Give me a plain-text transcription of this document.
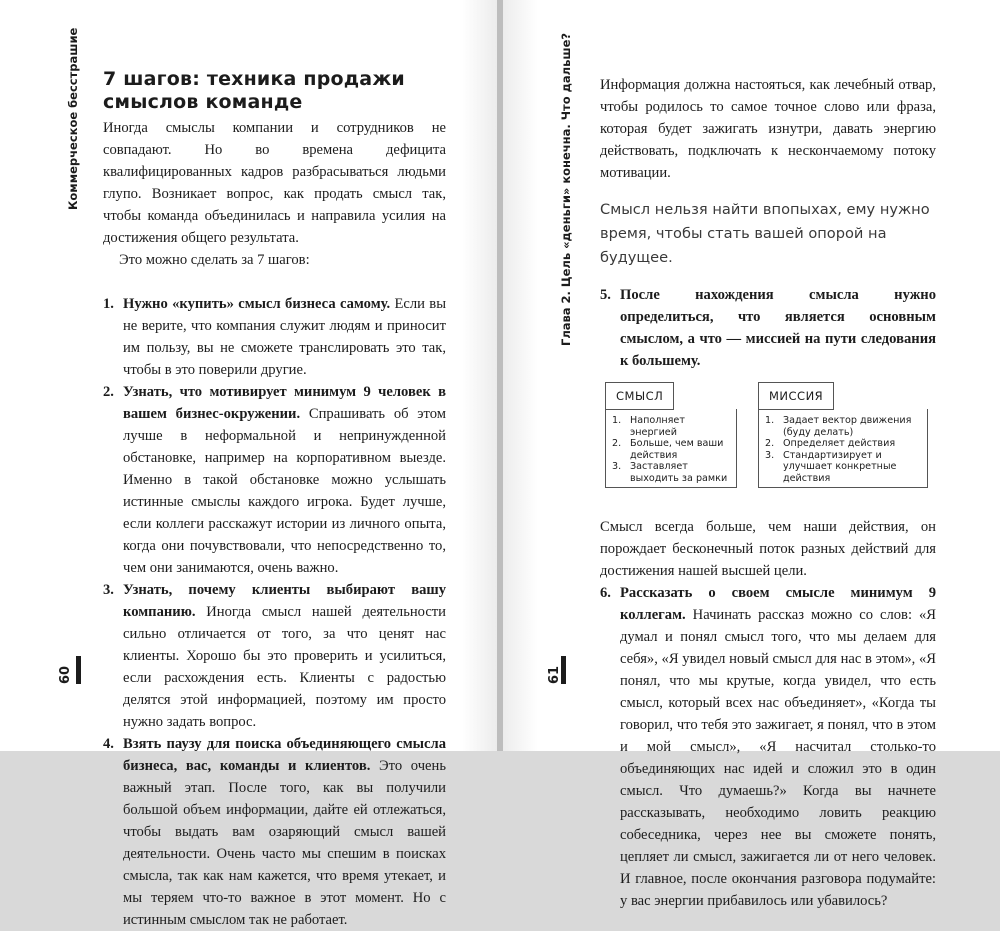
Коммерческое бесстрашие
60
7 шагов: техника продажи смыслов команде

Иногда смыслы компании и сотрудников не совпадают. Но во времена дефицита квалифицированных кадров разбрасываться людьми глупо. Возникает вопрос, как продать смысл так, чтобы команда объединилась и направила усилия на достижения общего результата.

Это можно сделать за 7 шагов:

1. Нужно «купить» смысл бизнеса самому. Если вы не верите, что компания служит людям и приносит им пользу, вы не сможете транслировать это так, чтобы в это поверили другие.
2. Узнать, что мотивирует минимум 9 человек в вашем бизнес-окружении. Спрашивать об этом лучше в неформальной и непринужденной обстановке, например на корпоративном выезде. Именно в такой обстановке можно услышать истинные смыслы каждого игрока. Будет лучше, если коллеги расскажут истории из личного опыта, когда они почувствовали, что непосредственно то, чем они занимаются, очень важно.
3. Узнать, почему клиенты выбирают вашу компанию. Иногда смысл нашей деятельности сильно отличается от того, за что ценят нас клиенты. Хорошо бы это проверить и усилиться, если расхождения есть. Клиенты с радостью делятся этой информацией, поэтому им просто нужно задать вопрос.
4. Взять паузу для поиска объединяющего смысла бизнеса, вас, команды и клиентов. Это очень важный этап. После того, как вы получили большой объем информации, дайте ей отлежаться, чтобы выдать вам озаряющий смысл вашей деятельности. Очень часто мы спешим в поисках смысла, так как нам кажется, что время утекает, и мы теряем что-то важное в этот момент. Но с истинным смыслом так не работает.
Глава 2. Цель «деньги» конечна. Что дальше?
61

Информация должна настояться, как лечебный отвар, чтобы родилось то самое точное слово или фраза, которая будет зажигать изнутри, давать энергию действовать, подключать к нескончаемому потоку мотивации.

Смысл нельзя найти впопыхах, ему нужно время, чтобы стать вашей опорой на будущее.
5. После нахождения смысла нужно определиться, что является основным смыслом, а что — миссией на пути следования к большему.
СМЫСЛ
1. Наполняет энергией
2. Больше, чем ваши действия
3. Заставляет выходить за рамки
МИССИЯ
1. Задает вектор движения (буду делать)
2. Определяет действия
3. Стандартизирует и улучшает конкретные действия

Смысл всегда больше, чем наши действия, он порождает бесконечный поток разных действий для достижения нашей высшей цели.

6. Рассказать о своем смысле минимум 9 коллегам. Начинать рассказ можно со слов: «Я думал и понял смысл того, что мы делаем для себя», «Я увидел новый смысл для нас в этом», «Я понял, что мы крутые, когда увидел, что есть смысл, который всех нас объединяет», «Когда ты говорил, что тебя это зажигает, я понял, что в этом и мой смысл», «Я насчитал столько-то объединяющих нас идей и сложил это в один смысл. Что думаешь?» Когда вы начнете рассказывать, необходимо ловить реакцию собеседника, через нее вы сможете понять, цепляет ли смысл, зажигается ли от него человек. И главное, после окончания разговора подумайте: у вас энергии прибавилось или убавилось?
